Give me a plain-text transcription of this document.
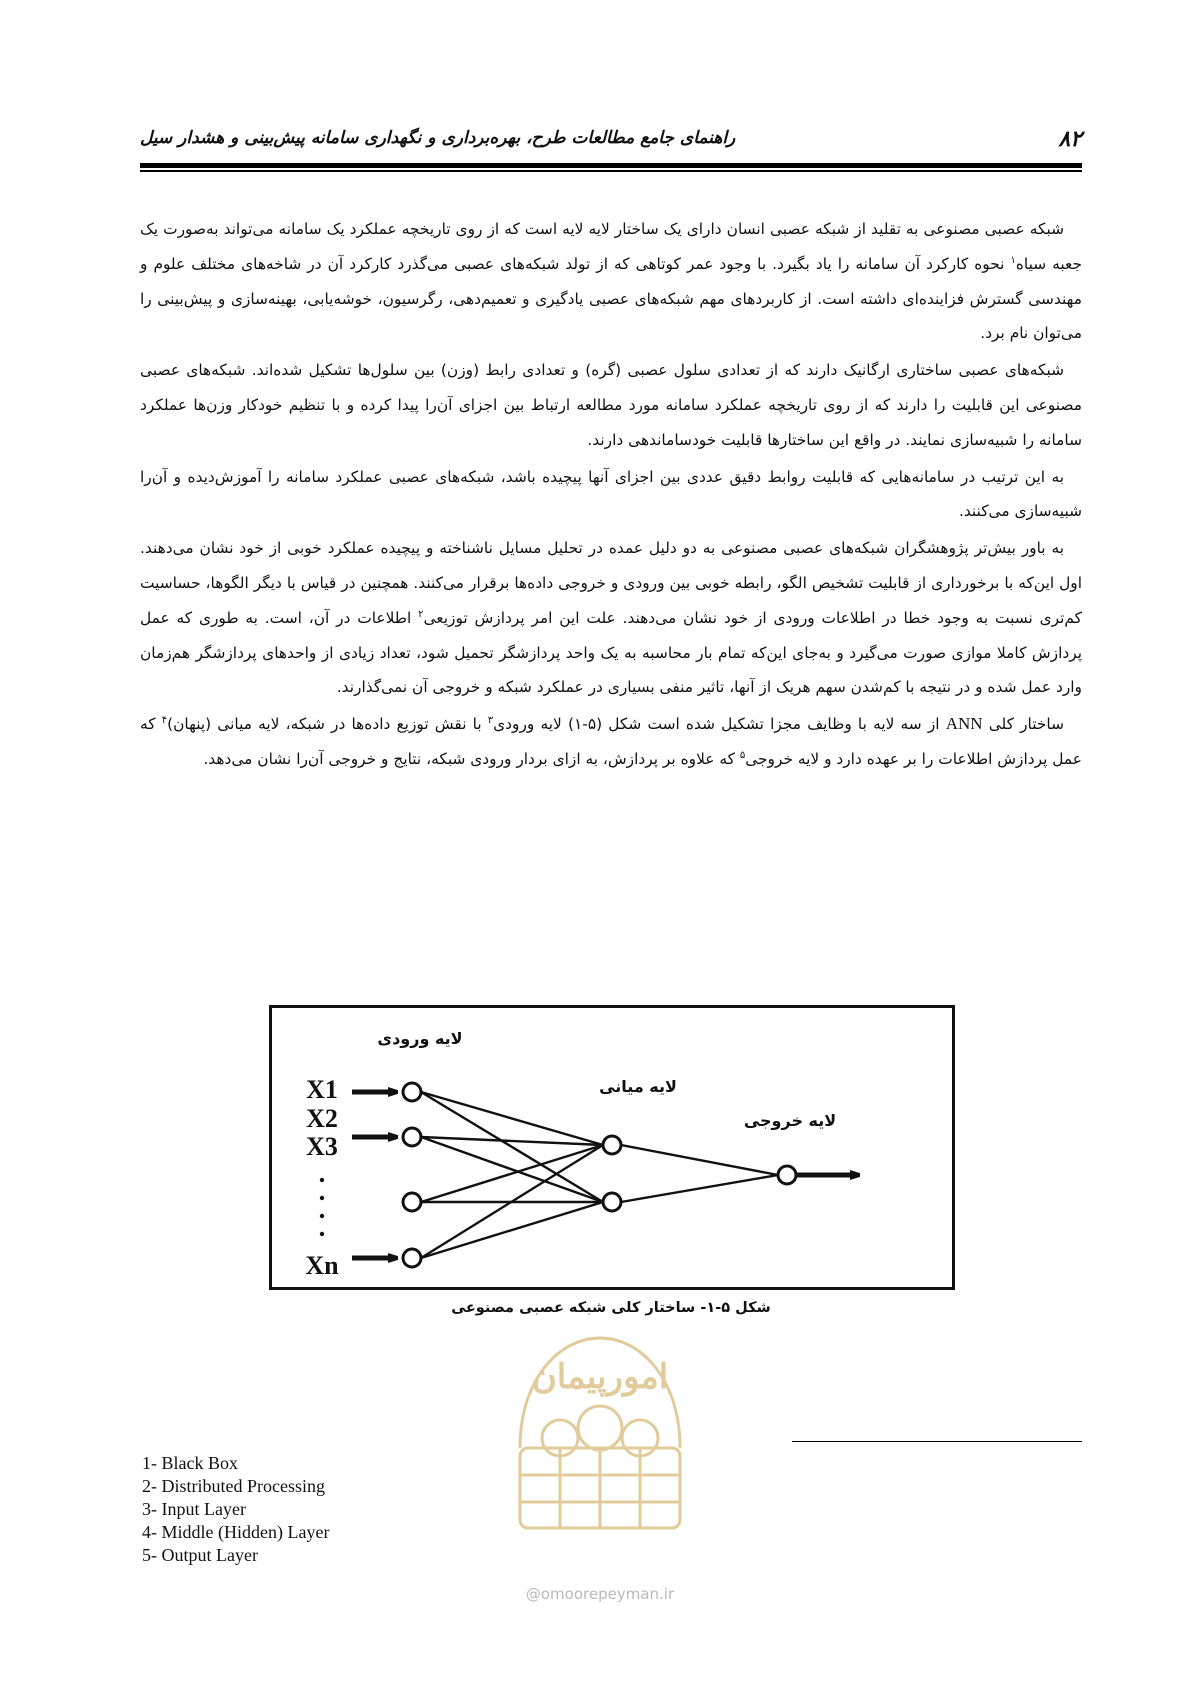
۸۲
راهنمای جامع مطالعات طرح، بهره‌برداری و نگهداری سامانه پیش‌بینی و هشدار سیل

شبکه عصبی مصنوعی به تقلید از شبکه عصبی انسان دارای یک ساختار لایه لایه است که از روی تاریخچه عملکرد یک سامانه می‌تواند به‌صورت یک جعبه سیاه$^۱$ نحوه کارکرد آن سامانه را یاد بگیرد. با وجود عمر کوتاهی که از تولد شبکه‌های عصبی می‌گذرد کارکرد آن در شاخه‌های مختلف علوم و مهندسی گسترش فزاینده‌ای داشته است. از کاربردهای مهم شبکه‌های عصبی یادگیری و تعمیم‌دهی، رگرسیون، خوشه‌یابی، بهینه‌سازی و پیش‌بینی را می‌توان نام برد.

شبکه‌های عصبی ساختاری ارگانیک دارند که از تعدادی سلول عصبی (گره) و تعدادی رابط (وزن) بین سلول‌ها تشکیل شده‌اند. شبکه‌های عصبی مصنوعی این قابلیت را دارند که از روی تاریخچه عملکرد سامانه مورد مطالعه ارتباط بین اجزای آن‌را پیدا کرده و با تنظیم خودکار وزن‌ها عملکرد سامانه را شبیه‌سازی نمایند. در واقع این ساختارها قابلیت خودساماندهی دارند.

به این ترتیب در سامانه‌هایی که قابلیت روابط دقیق عددی بین اجزای آنها پیچیده باشد، شبکه‌های عصبی عملکرد سامانه را آموزش‌دیده و آن‌را شبیه‌سازی می‌کنند.

به باور بیش‌تر پژوهشگران شبکه‌های عصبی مصنوعی به دو دلیل عمده در تحلیل مسایل ناشناخته و پیچیده عملکرد خوبی از خود نشان می‌دهند. اول این‌که با برخورداری از قابلیت تشخیص الگو، رابطه خوبی بین ورودی و خروجی داده‌ها برقرار می‌کنند. همچنین در قیاس با دیگر الگوها، حساسیت کم‌تری نسبت به وجود خطا در اطلاعات ورودی از خود نشان می‌دهند. علت این امر پردازش توزیعی$^۲$ اطلاعات در آن، است. به طوری که عمل پردازش کاملا موازی صورت می‌گیرد و به‌جای این‌که تمام بار محاسبه به یک واحد پردازشگر تحمیل شود، تعداد زیادی از واحدهای پردازشگر هم‌زمان وارد عمل شده و در نتیجه با کم‌شدن سهم هریک از آنها، تاثیر منفی بسیاری در عملکرد شبکه و خروجی آن نمی‌گذارند.

ساختار کلی ANN از سه لایه با وظایف مجزا تشکیل شده است شکل (۵-۱) لایه ورودی$^۳$ با نقش توزیع داده‌ها در شبکه، لایه میانی (پنهان)$^۴$ که عمل پردازش اطلاعات را بر عهده دارد و لایه خروجی$^۵$ که علاوه بر پردازش، به ازای بردار ورودی شبکه، نتایج و خروجی آن‌را نشان می‌دهد.

لایه ورودی
لایه میانی
لایه خروجی
X1
X2
X3
Xn
شکل ۵-۱- ساختار کلی شبکه عصبی مصنوعی
امورپیمان
@omoorepeyman.ir
1- Black Box
2- Distributed Processing
3- Input Layer
4- Middle (Hidden) Layer
5- Output Layer
